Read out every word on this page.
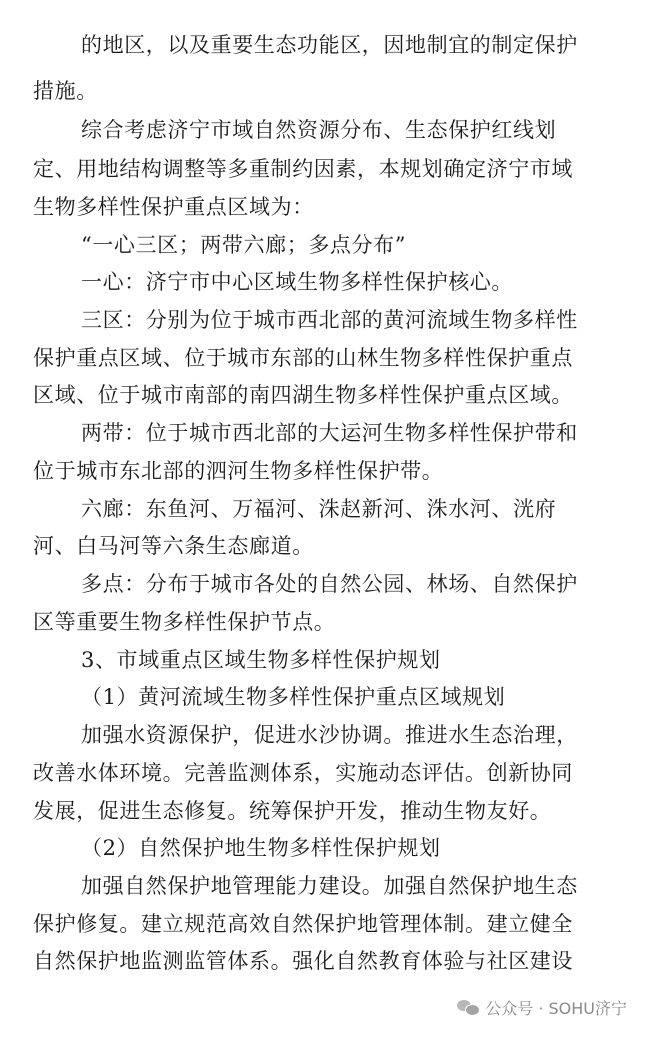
的地区，以及重要生态功能区，因地制宜的制定保护
措施。
综合考虑济宁市域自然资源分布、生态保护红线划
定、用地结构调整等多重制约因素，本规划确定济宁市域
生物多样性保护重点区域为：
“一心三区；两带六廊；多点分布”
一心：济宁市中心区域生物多样性保护核心。
三区：分别为位于城市西北部的黄河流域生物多样性
保护重点区域、位于城市东部的山林生物多样性保护重点
区域、位于城市南部的南四湖生物多样性保护重点区域。
两带：位于城市西北部的大运河生物多样性保护带和
位于城市东北部的泗河生物多样性保护带。
六廊：东鱼河、万福河、洙赵新河、洙水河、洸府
河、白马河等六条生态廊道。
多点：分布于城市各处的自然公园、林场、自然保护
区等重要生物多样性保护节点。
3、市域重点区域生物多样性保护规划
（1）黄河流域生物多样性保护重点区域规划
加强水资源保护，促进水沙协调。推进水生态治理，
改善水体环境。完善监测体系，实施动态评估。创新协同
发展，促进生态修复。统筹保护开发，推动生物友好。
（2）自然保护地生物多样性保护规划
加强自然保护地管理能力建设。加强自然保护地生态
保护修复。建立规范高效自然保护地管理体制。建立健全
自然保护地监测监管体系。强化自然教育体验与社区建设
公众号 · SOHU济宁
